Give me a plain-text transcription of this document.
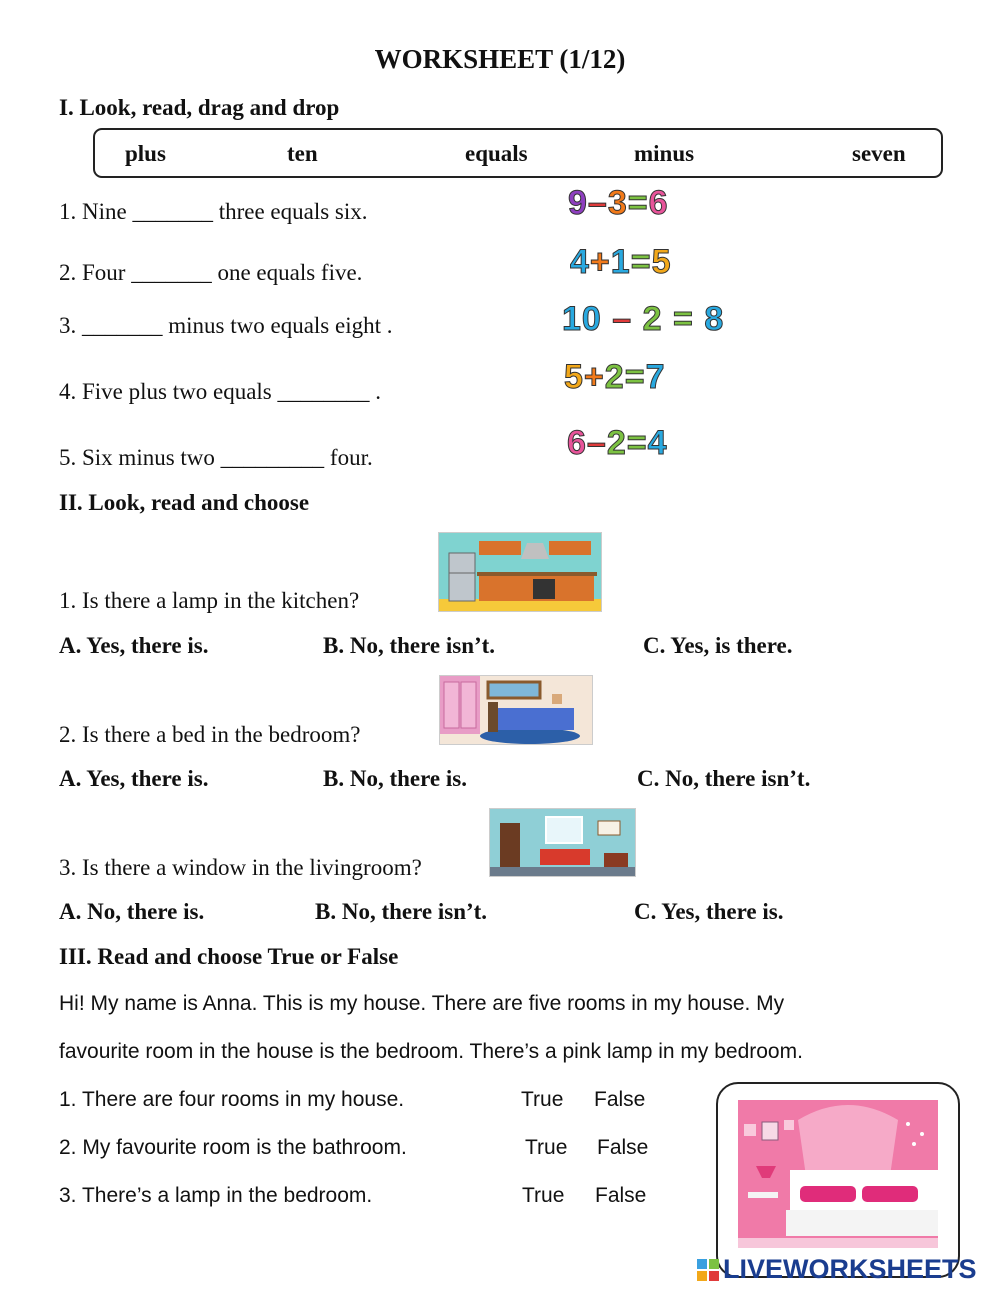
WORKSHEET (1/12)
I. Look, read, drag and drop
plus	ten	equals	minus	seven
1. Nine _______ three equals six.
2. Four _______ one equals five.
3. _______ minus two equals eight .
4. Five plus two equals ________ .
5. Six minus two _________ four.
9–3=6
4+1=5
10 – 2 = 8
5+2=7
6–2=4
II. Look, read and choose
1. Is there a lamp in the kitchen?
A. Yes, there is.	B. No, there isn’t.	C. Yes, is there.
2. Is there a bed in the bedroom?
A. Yes, there is.	B. No, there is.	C. No, there isn’t.
3. Is there a window in the livingroom?
A. No, there is.	B. No, there isn’t.	C. Yes, there is.
III. Read and choose True or False
Hi! My name is Anna. This is my house. There are five rooms in my house. My
favourite room in the house is the bedroom. There’s a pink lamp in my bedroom.
1. There are four rooms in my house.	True False
2. My favourite room is the bathroom.	True False
3. There’s a lamp in the bedroom.	True False
LIVEWORKSHEETS
